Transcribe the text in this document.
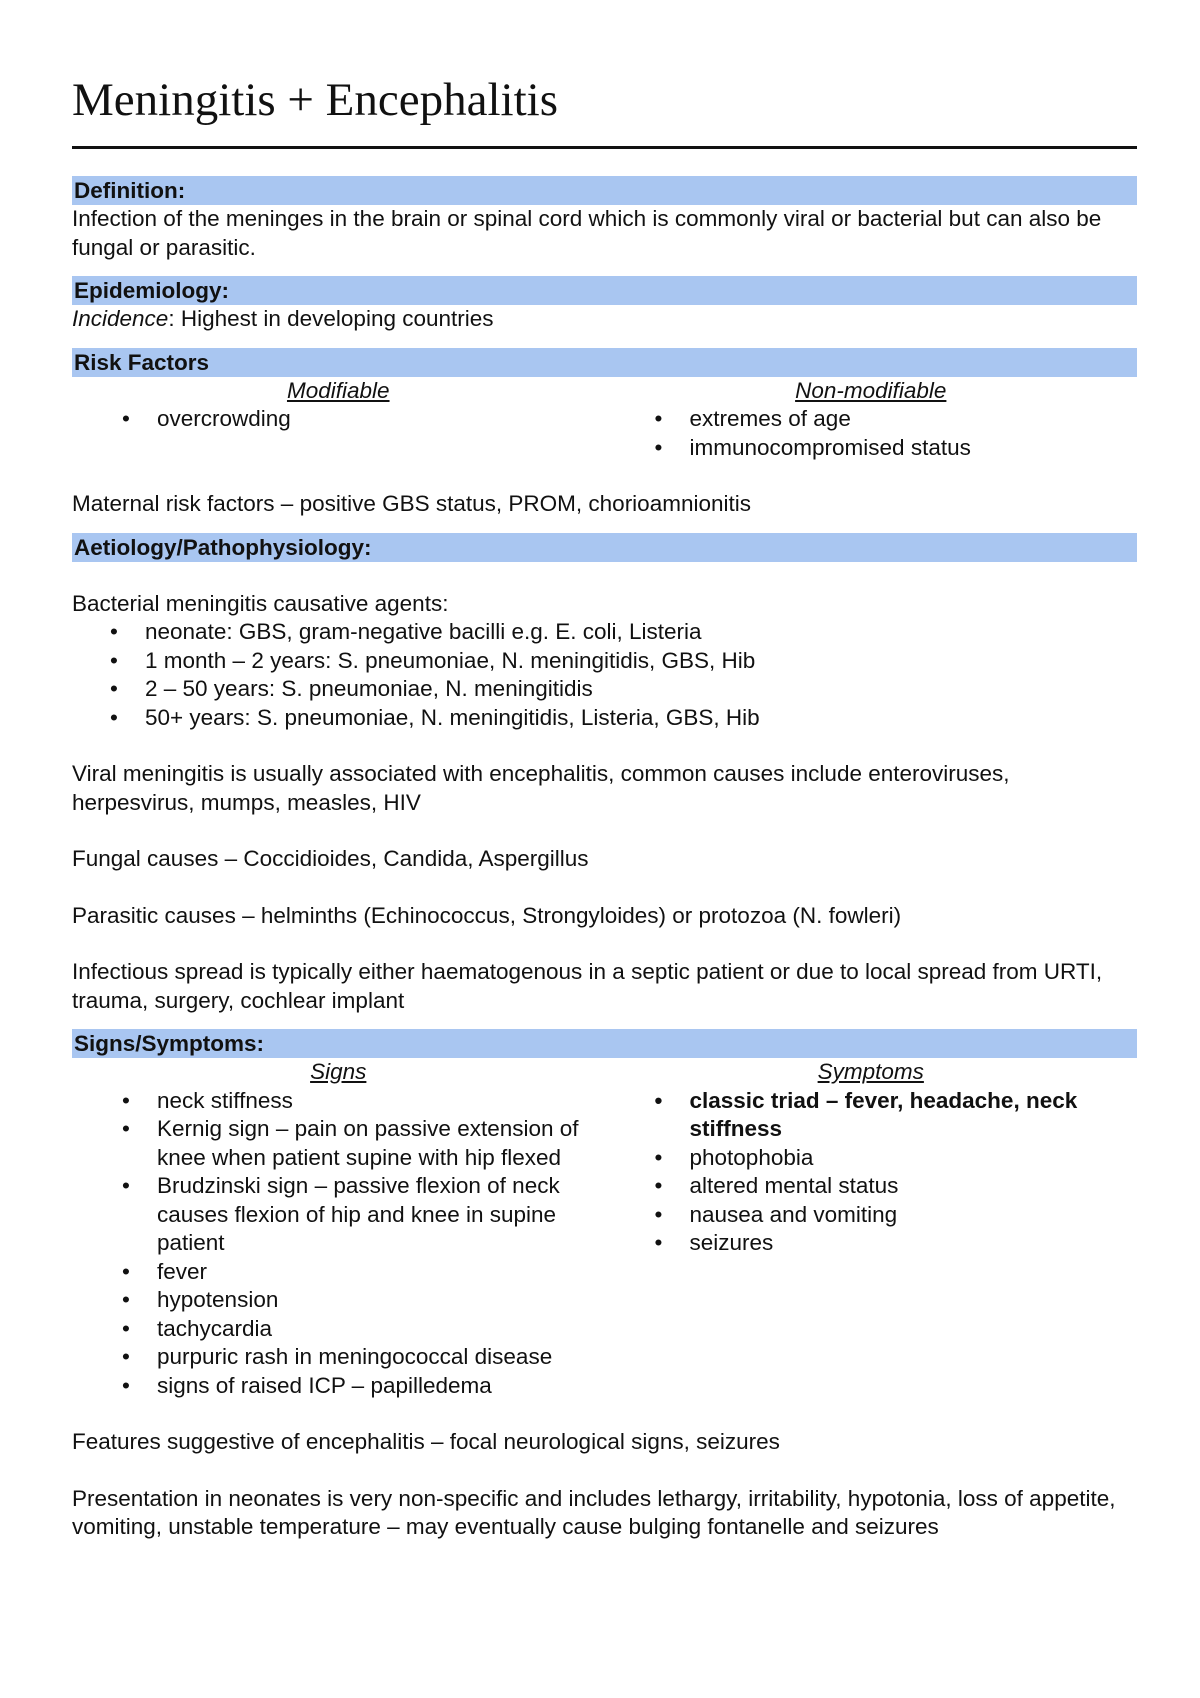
Meningitis + Encephalitis
Definition:

Infection of the meninges in the brain or spinal cord which is commonly viral or bacterial but can also be fungal or parasitic.

Epidemiology:

Incidence: Highest in developing countries

Risk Factors
Modifiable
• overcrowding
Non-modifiable
• extremes of age
• immunocompromised status

Maternal risk factors – positive GBS status, PROM, chorioamnionitis

Aetiology/Pathophysiology:

Bacterial meningitis causative agents:

• neonate: GBS, gram-negative bacilli e.g. E. coli, Listeria
• 1 month – 2 years: S. pneumoniae, N. meningitidis, GBS, Hib
• 2 – 50 years: S. pneumoniae, N. meningitidis
• 50+ years: S. pneumoniae, N. meningitidis, Listeria, GBS, Hib

Viral meningitis is usually associated with encephalitis, common causes include enteroviruses, herpesvirus, mumps, measles, HIV

Fungal causes – Coccidioides, Candida, Aspergillus

Parasitic causes – helminths (Echinococcus, Strongyloides) or protozoa (N. fowleri)

Infectious spread is typically either haematogenous in a septic patient or due to local spread from URTI, trauma, surgery, cochlear implant

Signs/Symptoms:
Signs
• neck stiffness
• Kernig sign – pain on passive extension of knee when patient supine with hip flexed
• Brudzinski sign – passive flexion of neck causes flexion of hip and knee in supine patient
• fever
• hypotension
• tachycardia
• purpuric rash in meningococcal disease
• signs of raised ICP – papilledema
Symptoms
• classic triad – fever, headache, neck stiffness
• photophobia
• altered mental status
• nausea and vomiting
• seizures

Features suggestive of encephalitis – focal neurological signs, seizures

Presentation in neonates is very non-specific and includes lethargy, irritability, hypotonia, loss of appetite, vomiting, unstable temperature – may eventually cause bulging fontanelle and seizures
